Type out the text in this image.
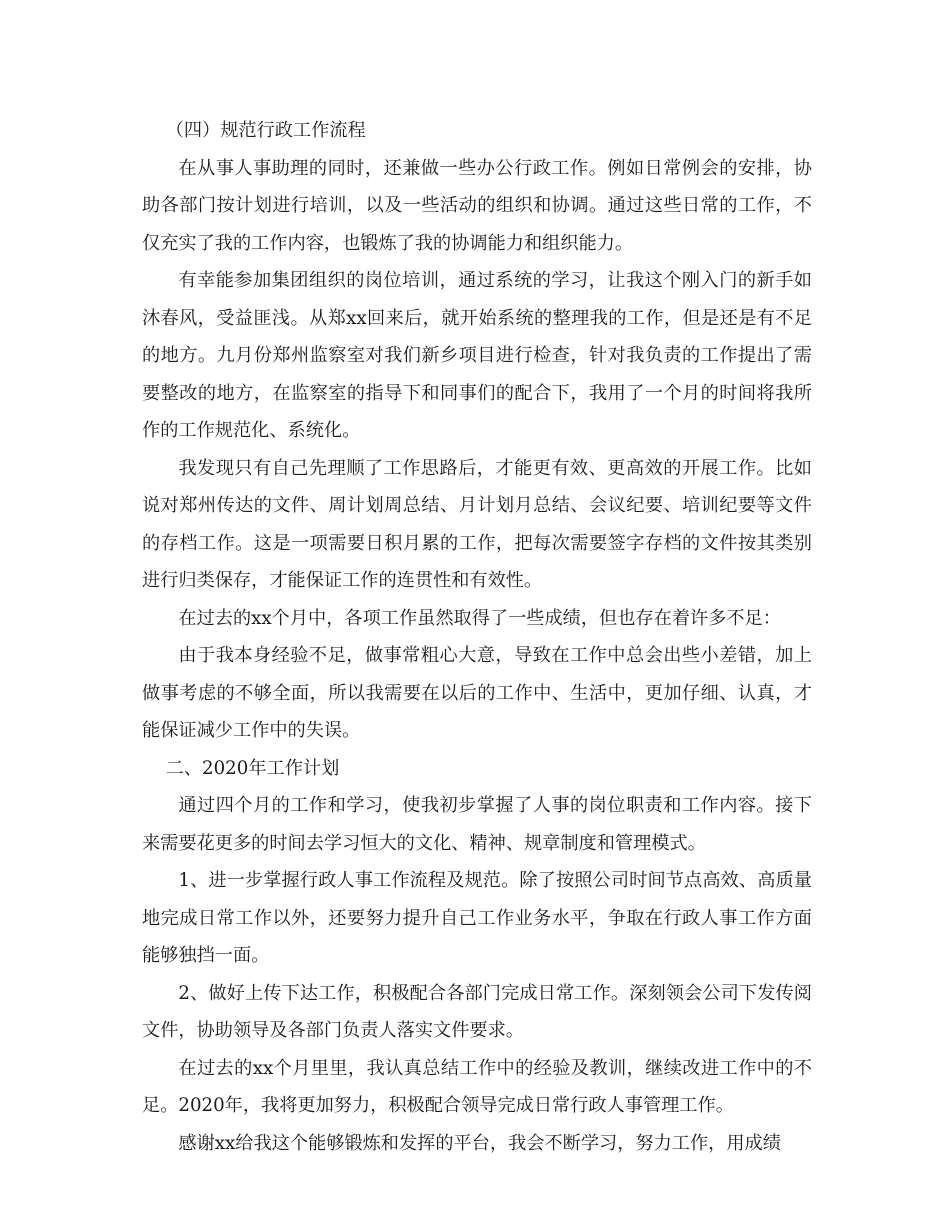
（四）规范行政工作流程

在从事人事助理的同时，还兼做一些办公行政工作。例如日常例会的安排，协助各部门按计划进行培训，以及一些活动的组织和协调。通过这些日常的工作，不仅充实了我的工作内容，也锻炼了我的协调能力和组织能力。

有幸能参加集团组织的岗位培训，通过系统的学习，让我这个刚入门的新手如沐春风，受益匪浅。从郑xx回来后，就开始系统的整理我的工作，但是还是有不足的地方。九月份郑州监察室对我们新乡项目进行检查，针对我负责的工作提出了需要整改的地方，在监察室的指导下和同事们的配合下，我用了一个月的时间将我所作的工作规范化、系统化。

我发现只有自己先理顺了工作思路后，才能更有效、更高效的开展工作。比如说对郑州传达的文件、周计划周总结、月计划月总结、会议纪要、培训纪要等文件的存档工作。这是一项需要日积月累的工作，把每次需要签字存档的文件按其类别进行归类保存，才能保证工作的连贯性和有效性。

在过去的xx个月中，各项工作虽然取得了一些成绩，但也存在着许多不足：

由于我本身经验不足，做事常粗心大意，导致在工作中总会出些小差错，加上做事考虑的不够全面，所以我需要在以后的工作中、生活中，更加仔细、认真，才能保证减少工作中的失误。

二、2020年工作计划

通过四个月的工作和学习，使我初步掌握了人事的岗位职责和工作内容。接下来需要花更多的时间去学习恒大的文化、精神、规章制度和管理模式。

1、进一步掌握行政人事工作流程及规范。除了按照公司时间节点高效、高质量地完成日常工作以外，还要努力提升自己工作业务水平，争取在行政人事工作方面能够独挡一面。

2、做好上传下达工作，积极配合各部门完成日常工作。深刻领会公司下发传阅文件，协助领导及各部门负责人落实文件要求。

在过去的xx个月里里，我认真总结工作中的经验及教训，继续改进工作中的不足。2020年，我将更加努力，积极配合领导完成日常行政人事管理工作。

感谢xx给我这个能够锻炼和发挥的平台，我会不断学习，努力工作，用成绩
